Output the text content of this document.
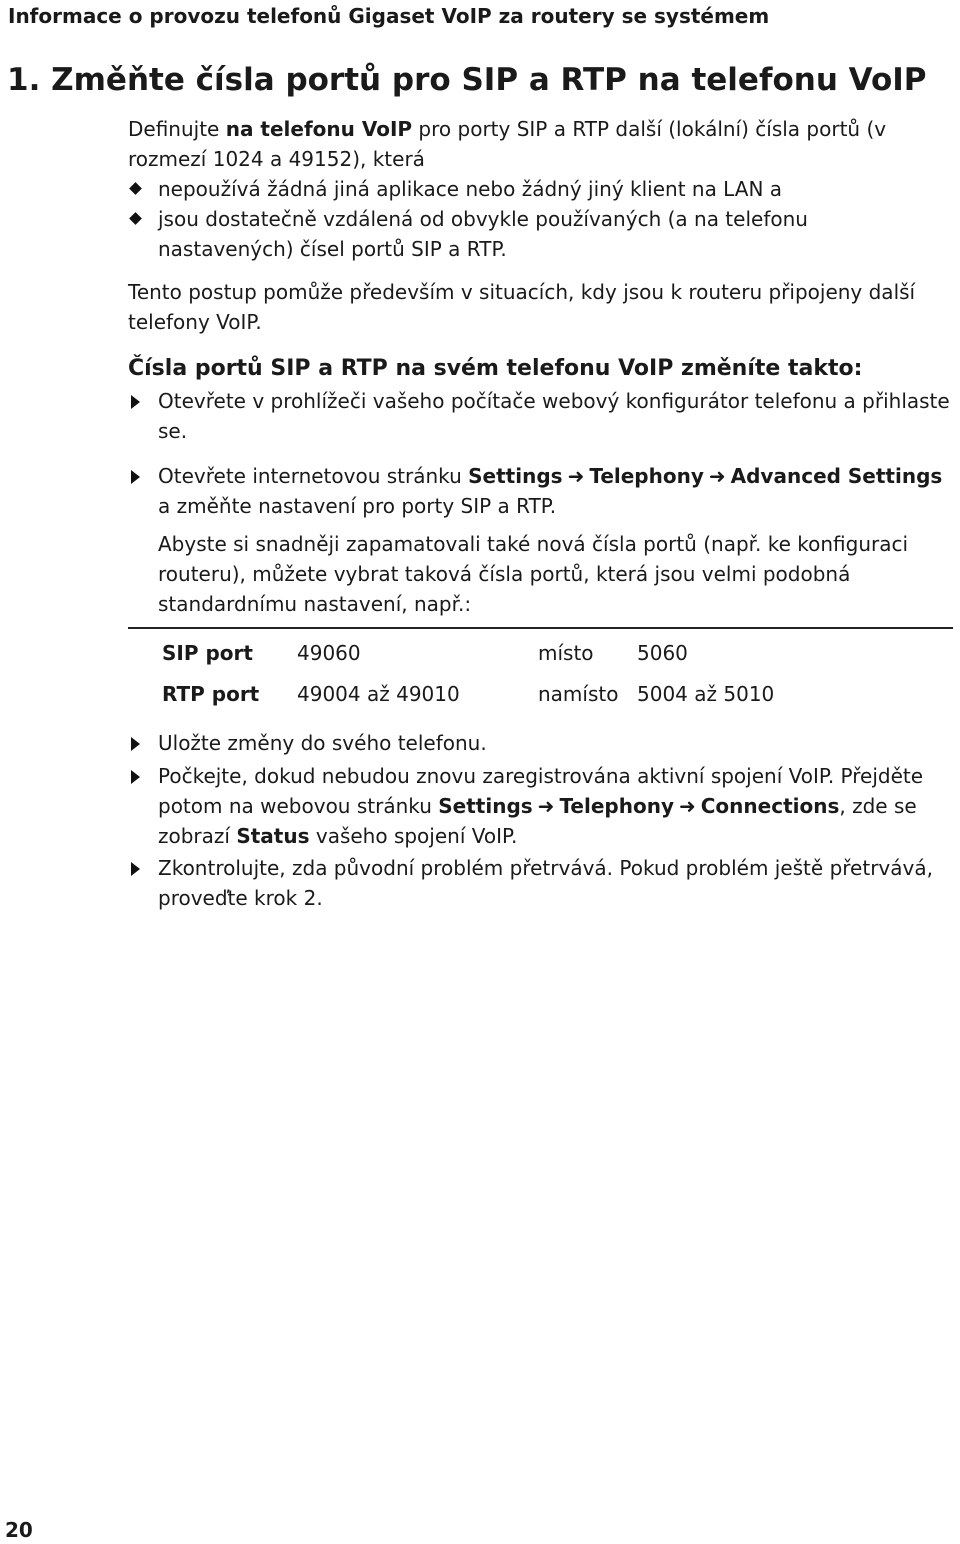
Informace o provozu telefonů Gigaset VoIP za routery se systémem
1. Změňte čísla portů pro SIP a RTP na telefonu VoIP

Definujte na telefonu VoIP pro porty SIP a RTP další (lokální) čísla portů (v rozmezí 1024 a 49152), která

nepoužívá žádná jiná aplikace nebo žádný jiný klient na LAN a
jsou dostatečně vzdálená od obvykle používaných (a na telefonu nastavených) čísel portů SIP a RTP.
Tento postup pomůže především v situacích, kdy jsou k routeru připojeny další telefony VoIP.
Čísla portů SIP a RTP na svém telefonu VoIP změníte takto:
Otevřete v prohlížeči vašeho počítače webový konfigurátor telefonu a přihlaste se.
Otevřete internetovou stránku Settings ➜ Telephony ➜ Advanced Settings a změňte nastavení pro porty SIP a RTP.
Abyste si snadněji zapamatovali také nová čísla portů (např. ke konfiguraci routeru), můžete vybrat taková čísla portů, která jsou velmi podobná standardnímu nastavení, např.:
SIP port	49060	místo	5060
RTP port	49004 až 49010	namísto	5004 až 5010
Uložte změny do svého telefonu.
Počkejte, dokud nebudou znovu zaregistrována aktivní spojení VoIP. Přejděte potom na webovou stránku Settings ➜ Telephony ➜ Connections, zde se zobrazí Status vašeho spojení VoIP.
Zkontrolujte, zda původní problém přetrvává. Pokud problém ještě přetrvává, proveďte krok 2.
20
